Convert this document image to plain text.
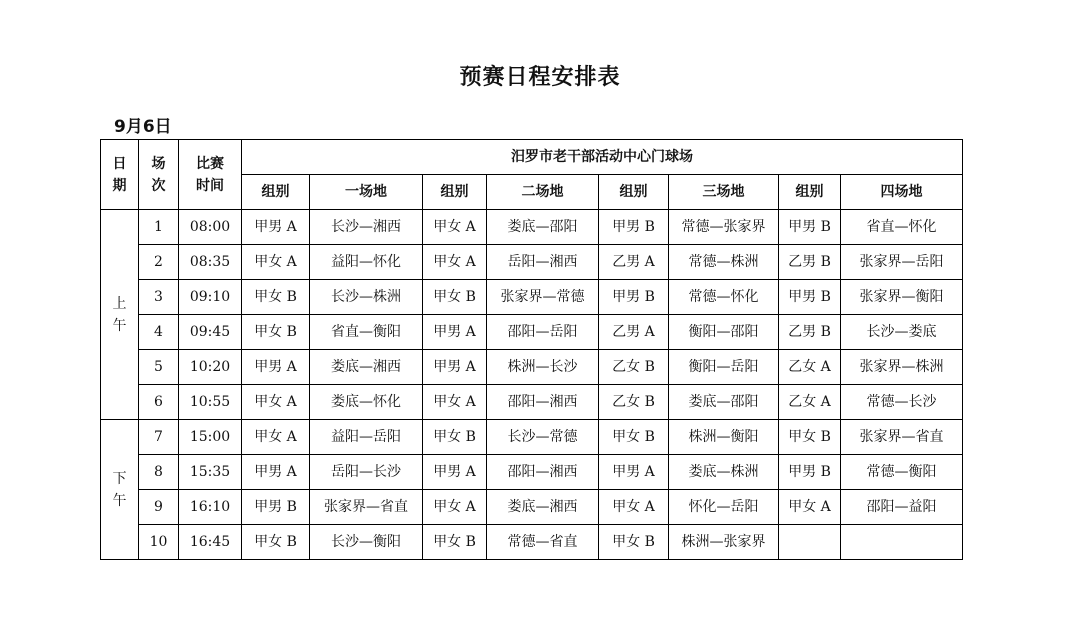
预赛日程安排表
9月6日
日
期	场
次	比赛
时间	汨罗市老干部活动中心门球场							
			组别	一场地	组别	二场地	组别	三场地	组别	四场地

上
午	1	08:00	甲男 A	长沙—湘西	甲女 A	娄底—邵阳	甲男 B	常德—张家界	甲男 B	省直—怀化
	2	08:35	甲女 A	益阳—怀化	甲女 A	岳阳—湘西	乙男 A	常德—株洲	乙男 B	张家界—岳阳
	3	09:10	甲女 B	长沙—株洲	甲女 B	张家界—常德	甲男 B	常德—怀化	甲男 B	张家界—衡阳
	4	09:45	甲女 B	省直—衡阳	甲男 A	邵阳—岳阳	乙男 A	衡阳—邵阳	乙男 B	长沙—娄底
	5	10:20	甲男 A	娄底—湘西	甲男 A	株洲—长沙	乙女 B	衡阳—岳阳	乙女 A	张家界—株洲
	6	10:55	甲女 A	娄底—怀化	甲女 A	邵阳—湘西	乙女 B	娄底—邵阳	乙女 A	常德—长沙

下
午	7	15:00	甲女 A	益阳—岳阳	甲女 B	长沙—常德	甲女 B	株洲—衡阳	甲女 B	张家界—省直
	8	15:35	甲男 A	岳阳—长沙	甲男 A	邵阳—湘西	甲男 A	娄底—株洲	甲男 B	常德—衡阳
	9	16:10	甲男 B	张家界—省直	甲女 A	娄底—湘西	甲女 A	怀化—岳阳	甲女 A	邵阳—益阳
	10	16:45	甲女 B	长沙—衡阳	甲女 B	常德—省直	甲女 B	株洲—张家界		
